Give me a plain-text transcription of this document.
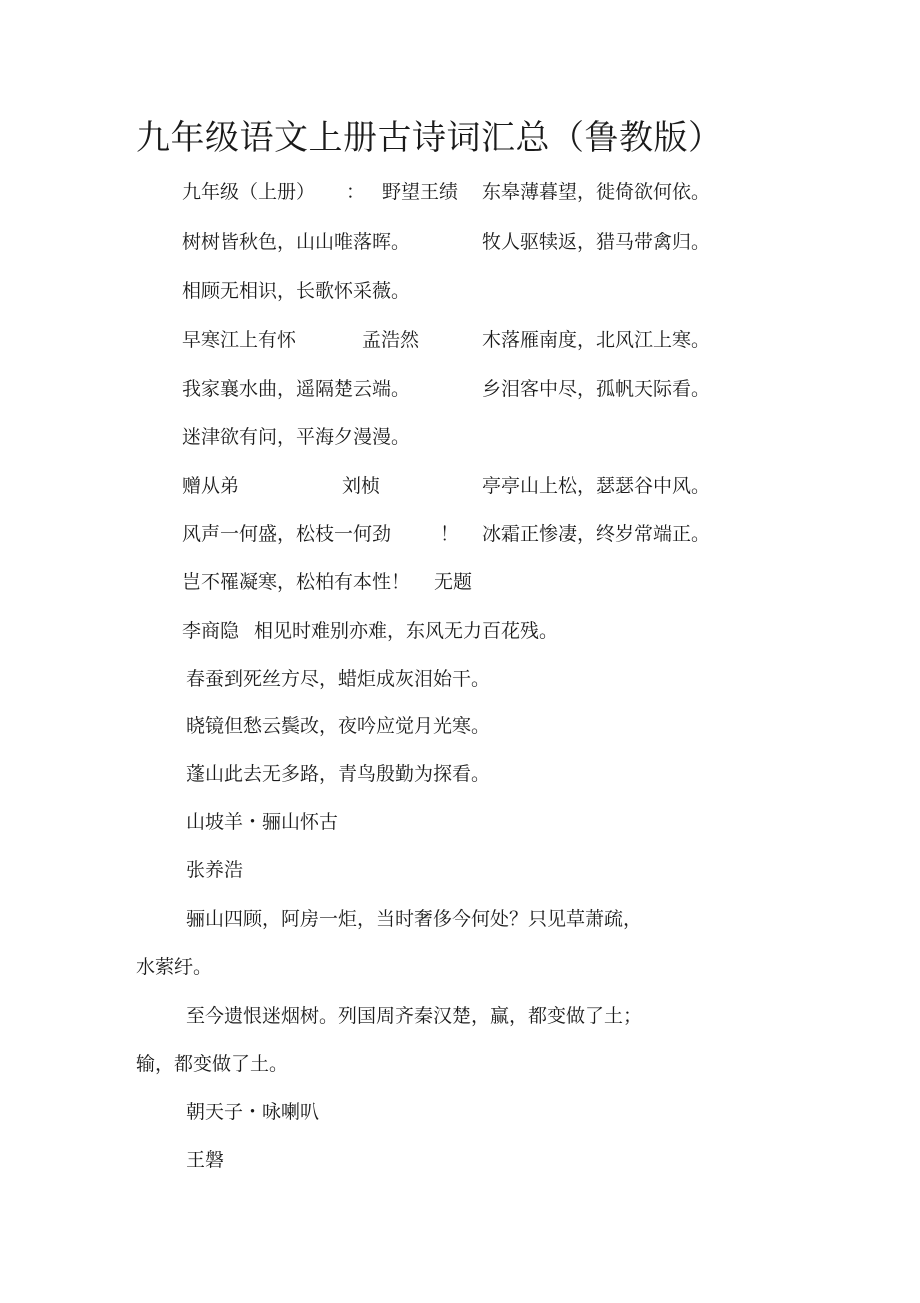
九年级语文上册古诗词汇总（鲁教版）
九年级（上册） ： 野望王绩 东皋薄暮望，徙倚欲何依。
树树皆秋色，山山唯落晖。	牧人驱犊返，猎马带禽归。
相顾无相识，长歌怀采薇。
早寒江上有怀	孟浩然	木落雁南度，北风江上寒。
我家襄水曲，遥隔楚云端。	乡泪客中尽，孤帆天际看。
迷津欲有问，平海夕漫漫。
赠从弟	刘桢	亭亭山上松，瑟瑟谷中风。
风声一何盛，松枝一何劲	！ 冰霜正惨凄，终岁常端正。
岂不罹凝寒，松柏有本性！ 无题
李商隐 相见时难别亦难，东风无力百花残。
春蚕到死丝方尽，蜡炬成灰泪始干。
晓镜但愁云鬓改，夜吟应觉月光寒。
蓬山此去无多路，青鸟殷勤为探看。
山坡羊・骊山怀古
张养浩
骊山四顾，阿房一炬，当时奢侈今何处？只见草萧疏，
水萦纡。
至今遗恨迷烟树。列国周齐秦汉楚，赢，都变做了土；
输，都变做了土。
朝天子・咏喇叭
王磐
